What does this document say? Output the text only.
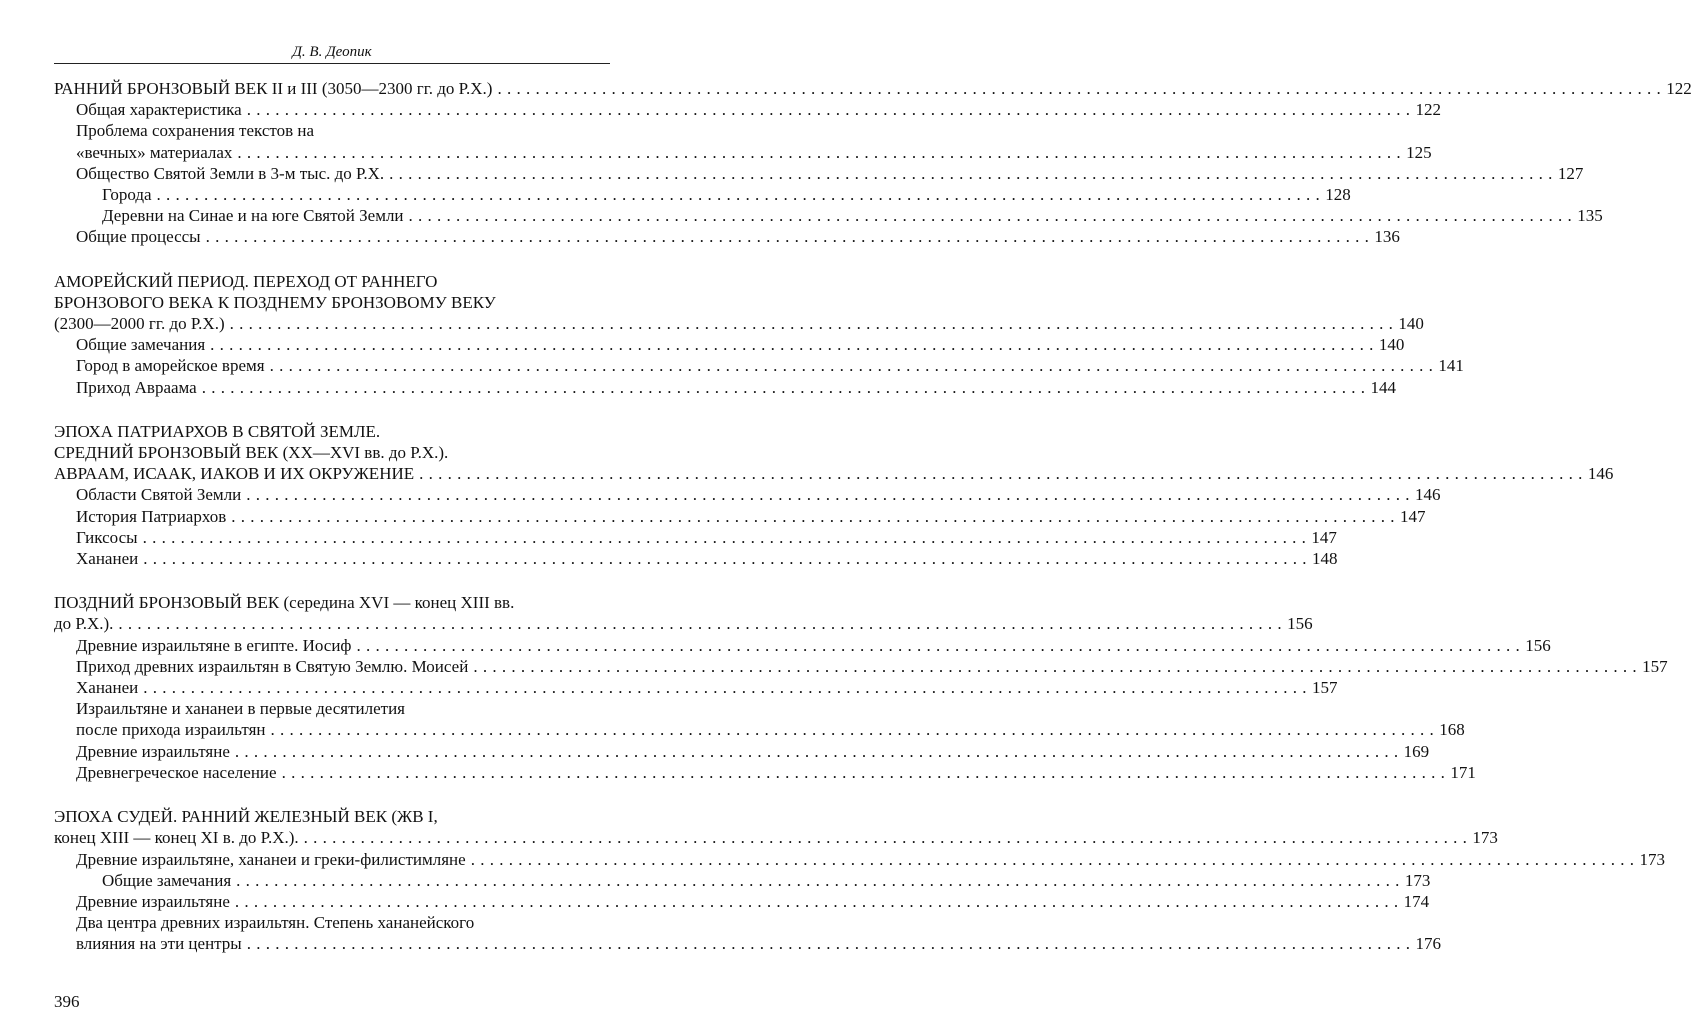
Д. В. Деопик
РАННИЙ БРОНЗОВЫЙ ВЕК II и III (3050—2300 гг. до Р.Х.) . . .	122
Общая характеристика . . .	122
Проблема сохранения текстов на
«вечных» материалах . . .	125
Общество Святой Земли в 3-м тыс. до Р.Х. . . .	127
Города . . .	128
Деревни на Синае и на юге Святой Земли . . .	135
Общие процессы . . .	136
АМОРЕЙСКИЙ ПЕРИОД. ПЕРЕХОД ОТ РАННЕГО
БРОНЗОВОГО ВЕКА К ПОЗДНЕМУ БРОНЗОВОМУ ВЕКУ
(2300—2000 гг. до Р.Х.) . . .	140
Общие замечания . . .	140
Город в аморейское время . . .	141
Приход Авраама . . .	144
ЭПОХА ПАТРИАРХОВ В СВЯТОЙ ЗЕМЛЕ.
СРЕДНИЙ БРОНЗОВЫЙ ВЕК (XX—XVI вв. до Р.Х.).
АВРААМ, ИСААК, ИАКОВ И ИХ ОКРУЖЕНИЕ . . .	146
Области Святой Земли . . .	146
История Патриархов . . .	147
Гиксосы . . .	147
Хананеи . . .	148
ПОЗДНИЙ БРОНЗОВЫЙ ВЕК (середина XVI — конец XIII вв.
до Р.Х.). . . .	156
Древние израильтяне в египте. Иосиф . . .	156
Приход древних израильтян в Святую Землю. Моисей . . .	157
Хананеи . . .	157
Израильтяне и хананеи в первые десятилетия
после прихода израильтян . . .	168
Древние израильтяне . . .	169
Древнегреческое население . . .	171
ЭПОХА СУДЕЙ. РАННИЙ ЖЕЛЕЗНЫЙ ВЕК (ЖВ I,
конец XIII — конец XI в. до Р.Х.). . . .	173
Древние израильтяне, хананеи и греки-филистимляне . . .	173
Общие замечания . . .	173
Древние израильтяне . . .	174
Два центра древних израильтян. Степень хананейского
влияния на эти центры . . .	176
396
